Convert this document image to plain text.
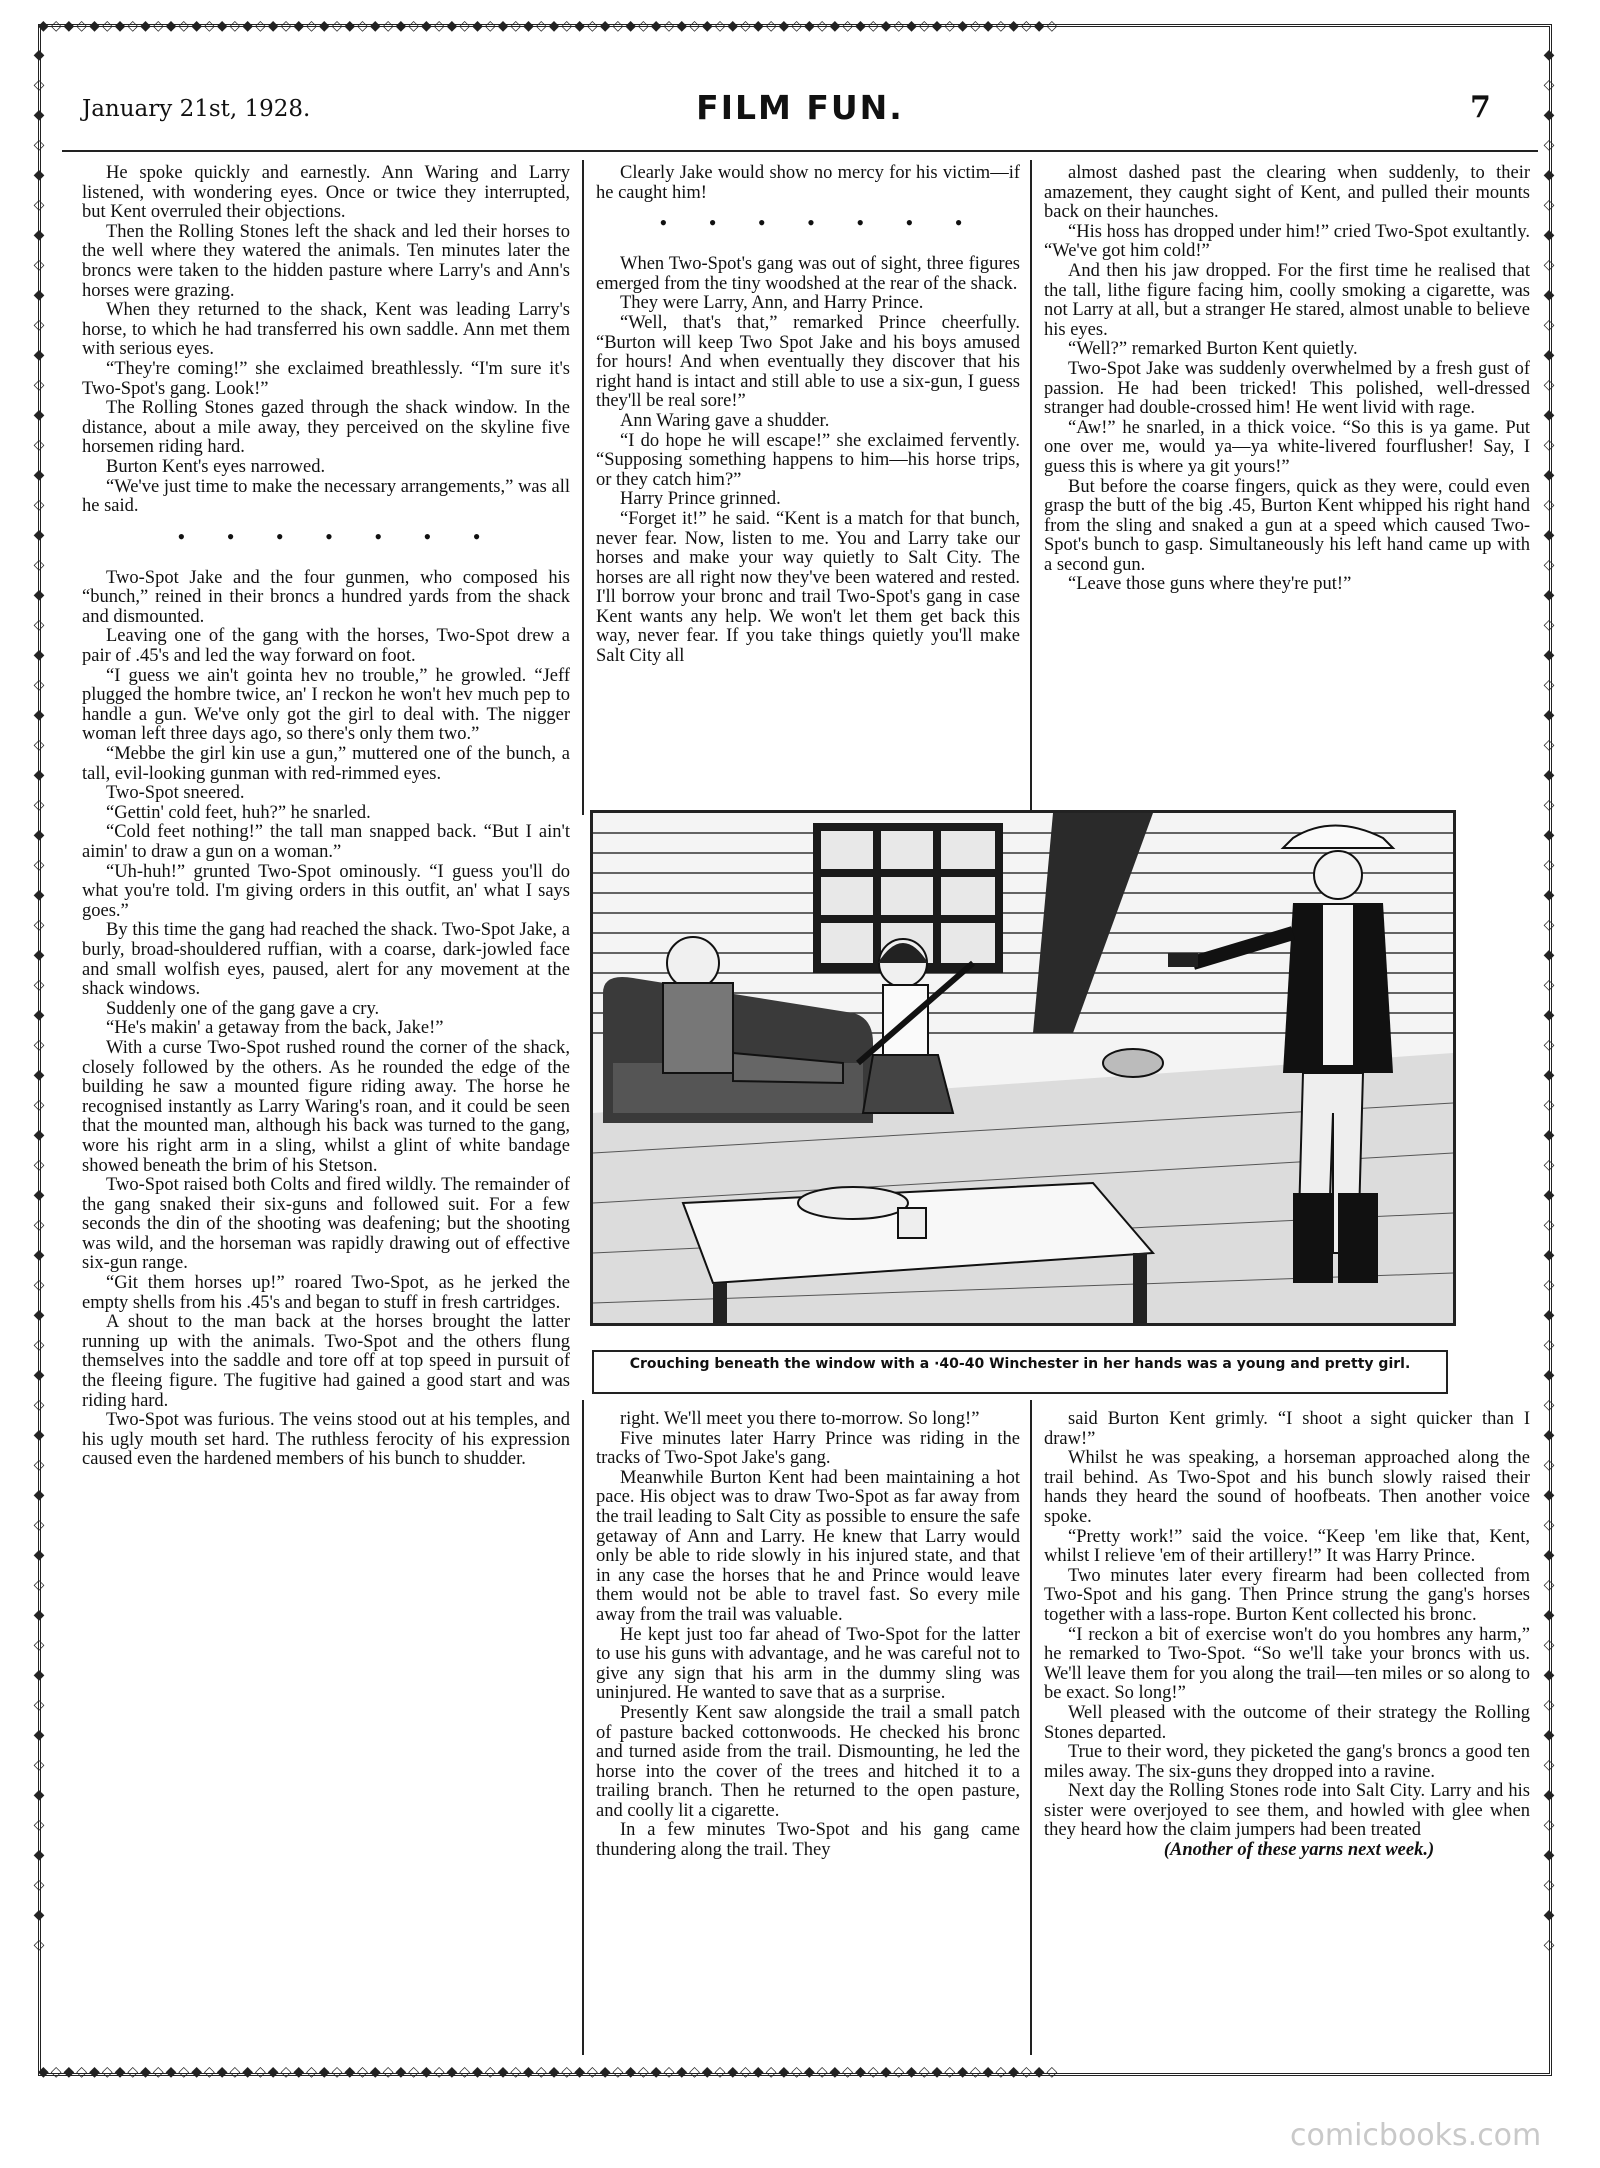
◆◇◆◇◆◇◆◇◆◇◆◇◆◇◆◇◆◇◆◇◆◇◆◇◆◇◆◇◆◇◆◇◆◇◆◇◆◇◆◇◆◇◆◇◆◇◆◇◆◇◆◇◆◇◆◇◆◇◆◇◆◇◆◇◆◇◆◇◆◇◆◇◆◇◆◇◆◇◆◇
◆◇◆◇◆◇◆◇◆◇◆◇◆◇◆◇◆◇◆◇◆◇◆◇◆◇◆◇◆◇◆◇◆◇◆◇◆◇◆◇◆◇◆◇◆◇◆◇◆◇◆◇◆◇◆◇◆◇◆◇◆◇◆◇◆◇◆◇◆◇◆◇◆◇◆◇◆◇◆◇
◆◇◆◇◆◇◆◇◆◇◆◇◆◇◆◇◆◇◆◇◆◇◆◇◆◇◆◇◆◇◆◇◆◇◆◇◆◇◆◇◆◇◆◇◆◇◆◇◆◇◆◇◆◇◆◇◆◇◆◇◆◇◆◇
◆◇◆◇◆◇◆◇◆◇◆◇◆◇◆◇◆◇◆◇◆◇◆◇◆◇◆◇◆◇◆◇◆◇◆◇◆◇◆◇◆◇◆◇◆◇◆◇◆◇◆◇◆◇◆◇◆◇◆◇◆◇◆◇
January 21st, 1928.	FILM FUN.	7

He spoke quickly and earnestly. Ann Waring and Larry listened, with wondering eyes. Once or twice they interrupted, but Kent overruled their objections.

Then the Rolling Stones left the shack and led their horses to the well where they watered the animals. Ten minutes later the broncs were taken to the hidden pasture where Larry's and Ann's horses were grazing.

When they returned to the shack, Kent was leading Larry's horse, to which he had transferred his own saddle. Ann met them with serious eyes.

“They're coming!” she exclaimed breathlessly. “I'm sure it's Two-Spot's gang. Look!”

The Rolling Stones gazed through the shack window. In the distance, about a mile away, they perceived on the skyline five horsemen riding hard.

Burton Kent's eyes narrowed.

“We've just time to make the necessary arrangements,” was all he said.

• • • • • • •

Two-Spot Jake and the four gunmen, who composed his “bunch,” reined in their broncs a hundred yards from the shack and dismounted.

Leaving one of the gang with the horses, Two-Spot drew a pair of .45's and led the way forward on foot.

“I guess we ain't gointa hev no trouble,” he growled. “Jeff plugged the hombre twice, an' I reckon he won't hev much pep to handle a gun. We've only got the girl to deal with. The nigger woman left three days ago, so there's only them two.”

“Mebbe the girl kin use a gun,” muttered one of the bunch, a tall, evil-looking gunman with red-rimmed eyes.

Two-Spot sneered.

“Gettin' cold feet, huh?” he snarled.

“Cold feet nothing!” the tall man snapped back. “But I ain't aimin' to draw a gun on a woman.”

“Uh-huh!” grunted Two-Spot ominously. “I guess you'll do what you're told. I'm giving orders in this outfit, an' what I says goes.”

By this time the gang had reached the shack. Two-Spot Jake, a burly, broad-shouldered ruffian, with a coarse, dark-jowled face and small wolfish eyes, paused, alert for any movement at the shack windows.

Suddenly one of the gang gave a cry.

“He's makin' a getaway from the back, Jake!”

With a curse Two-Spot rushed round the corner of the shack, closely followed by the others. As he rounded the edge of the building he saw a mounted figure riding away. The horse he recognised instantly as Larry Waring's roan, and it could be seen that the mounted man, although his back was turned to the gang, wore his right arm in a sling, whilst a glint of white bandage showed beneath the brim of his Stetson.

Two-Spot raised both Colts and fired wildly. The remainder of the gang snaked their six-guns and followed suit. For a few seconds the din of the shooting was deafening; but the shooting was wild, and the horseman was rapidly drawing out of effective six-gun range.

“Git them horses up!” roared Two-Spot, as he jerked the empty shells from his .45's and began to stuff in fresh cartridges.

A shout to the man back at the horses brought the latter running up with the animals. Two-Spot and the others flung themselves into the saddle and tore off at top speed in pursuit of the fleeing figure. The fugitive had gained a good start and was riding hard.

Two-Spot was furious. The veins stood out at his temples, and his ugly mouth set hard. The ruthless ferocity of his expression caused even the hardened members of his bunch to shudder.

Clearly Jake would show no mercy for his victim—if he caught him!

• • • • • • •

When Two-Spot's gang was out of sight, three figures emerged from the tiny woodshed at the rear of the shack.

They were Larry, Ann, and Harry Prince.

“Well, that's that,” remarked Prince cheerfully. “Burton will keep Two Spot Jake and his boys amused for hours! And when eventually they discover that his right hand is intact and still able to use a six-gun, I guess they'll be real sore!”

Ann Waring gave a shudder.

“I do hope he will escape!” she exclaimed fervently. “Supposing something happens to him—his horse trips, or they catch him?”

Harry Prince grinned.

“Forget it!” he said. “Kent is a match for that bunch, never fear. Now, listen to me. You and Larry take our horses and make your way quietly to Salt City. The horses are all right now they've been watered and rested. I'll borrow your bronc and trail Two-Spot's gang in case Kent wants any help. We won't let them get back this way, never fear. If you take things quietly you'll make Salt City all

almost dashed past the clearing when suddenly, to their amazement, they caught sight of Kent, and pulled their mounts back on their haunches.

“His hoss has dropped under him!” cried Two-Spot exultantly. “We've got him cold!”

And then his jaw dropped. For the first time he realised that the tall, lithe figure facing him, coolly smoking a cigarette, was not Larry at all, but a stranger He stared, almost unable to believe his eyes.

“Well?” remarked Burton Kent quietly.

Two-Spot Jake was suddenly overwhelmed by a fresh gust of passion. He had been tricked! This polished, well-dressed stranger had double-crossed him! He went livid with rage.

“Aw!” he snarled, in a thick voice. “So this is ya game. Put one over me, would ya—ya white-livered fourflusher! Say, I guess this is where ya git yours!”

But before the coarse fingers, quick as they were, could even grasp the butt of the big .45, Burton Kent whipped his right hand from the sling and snaked a gun at a speed which caused Two-Spot's bunch to gasp. Simultaneously his left hand came up with a second gun.

“Leave those guns where they're put!”

Crouching beneath the window with a ·40-40 Winchester in her hands was a young and pretty girl.

right. We'll meet you there to-morrow. So long!”

Five minutes later Harry Prince was riding in the tracks of Two-Spot Jake's gang.

Meanwhile Burton Kent had been maintaining a hot pace. His object was to draw Two-Spot as far away from the trail leading to Salt City as possible to ensure the safe getaway of Ann and Larry. He knew that Larry would only be able to ride slowly in his injured state, and that in any case the horses that he and Prince would leave them would not be able to travel fast. So every mile away from the trail was valuable.

He kept just too far ahead of Two-Spot for the latter to use his guns with advantage, and he was careful not to give any sign that his arm in the dummy sling was uninjured. He wanted to save that as a surprise.

Presently Kent saw alongside the trail a small patch of pasture backed cottonwoods. He checked his bronc and turned aside from the trail. Dismounting, he led the horse into the cover of the trees and hitched it to a trailing branch. Then he returned to the open pasture, and coolly lit a cigarette.

In a few minutes Two-Spot and his gang came thundering along the trail. They

said Burton Kent grimly. “I shoot a sight quicker than I draw!”

Whilst he was speaking, a horseman approached along the trail behind. As Two-Spot and his bunch slowly raised their hands they heard the sound of hoofbeats. Then another voice spoke.

“Pretty work!” said the voice. “Keep 'em like that, Kent, whilst I relieve 'em of their artillery!” It was Harry Prince.

Two minutes later every firearm had been collected from Two-Spot and his gang. Then Prince strung the gang's horses together with a lass-rope. Burton Kent collected his bronc.

“I reckon a bit of exercise won't do you hombres any harm,” he remarked to Two-Spot. “So we'll take your broncs with us. We'll leave them for you along the trail—ten miles or so along to be exact. So long!”

Well pleased with the outcome of their strategy the Rolling Stones departed.

True to their word, they picketed the gang's broncs a good ten miles away. The six-guns they dropped into a ravine.

Next day the Rolling Stones rode into Salt City. Larry and his sister were overjoyed to see them, and howled with glee when they heard how the claim jumpers had been treated

(Another of these yarns next week.)

comicbooks.com
